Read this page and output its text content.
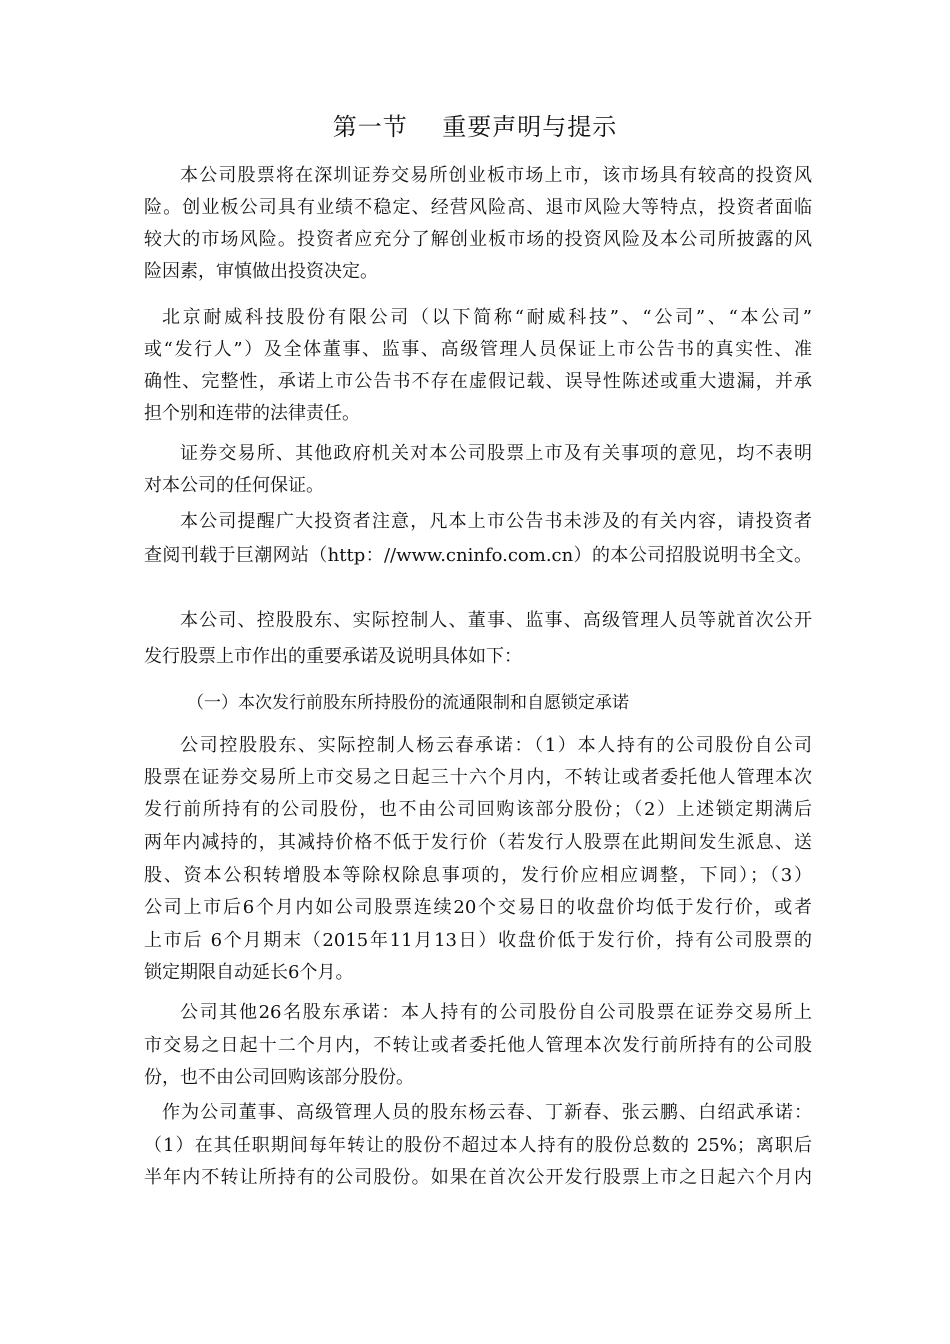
第一节    重要声明与提示
本公司股票将在深圳证券交易所创业板市场上市，该市场具有较高的投资风
险。创业板公司具有业绩不稳定、经营风险高、退市风险大等特点，投资者面临
较大的市场风险。投资者应充分了解创业板市场的投资风险及本公司所披露的风
险因素，审慎做出投资决定。
北京耐威科技股份有限公司（以下简称“耐威科技”、“公司”、“本公司”
或“发行人”）及全体董事、监事、高级管理人员保证上市公告书的真实性、准
确性、完整性，承诺上市公告书不存在虚假记载、误导性陈述或重大遗漏，并承
担个别和连带的法律责任。
证券交易所、其他政府机关对本公司股票上市及有关事项的意见，均不表明
对本公司的任何保证。
本公司提醒广大投资者注意，凡本上市公告书未涉及的有关内容，请投资者
查阅刊载于巨潮网站（http：//www.cninfo.com.cn）的本公司招股说明书全文。
本公司、控股股东、实际控制人、董事、监事、高级管理人员等就首次公开
发行股票上市作出的重要承诺及说明具体如下：
（一）本次发行前股东所持股份的流通限制和自愿锁定承诺
公司控股股东、实际控制人杨云春承诺：（1）本人持有的公司股份自公司
股票在证券交易所上市交易之日起三十六个月内，不转让或者委托他人管理本次
发行前所持有的公司股份，也不由公司回购该部分股份；（2）上述锁定期满后
两年内减持的，其减持价格不低于发行价（若发行人股票在此期间发生派息、送
股、资本公积转增股本等除权除息事项的，发行价应相应调整，下同）；（3）
公司上市后6个月内如公司股票连续20个交易日的收盘价均低于发行价，或者
上市后 6个月期末（2015年11月13日）收盘价低于发行价，持有公司股票的
锁定期限自动延长6个月。
公司其他26名股东承诺：本人持有的公司股份自公司股票在证券交易所上
市交易之日起十二个月内，不转让或者委托他人管理本次发行前所持有的公司股
份，也不由公司回购该部分股份。
作为公司董事、高级管理人员的股东杨云春、丁新春、张云鹏、白绍武承诺：
（1）在其任职期间每年转让的股份不超过本人持有的股份总数的 25%；离职后
半年内不转让所持有的公司股份。如果在首次公开发行股票上市之日起六个月内
